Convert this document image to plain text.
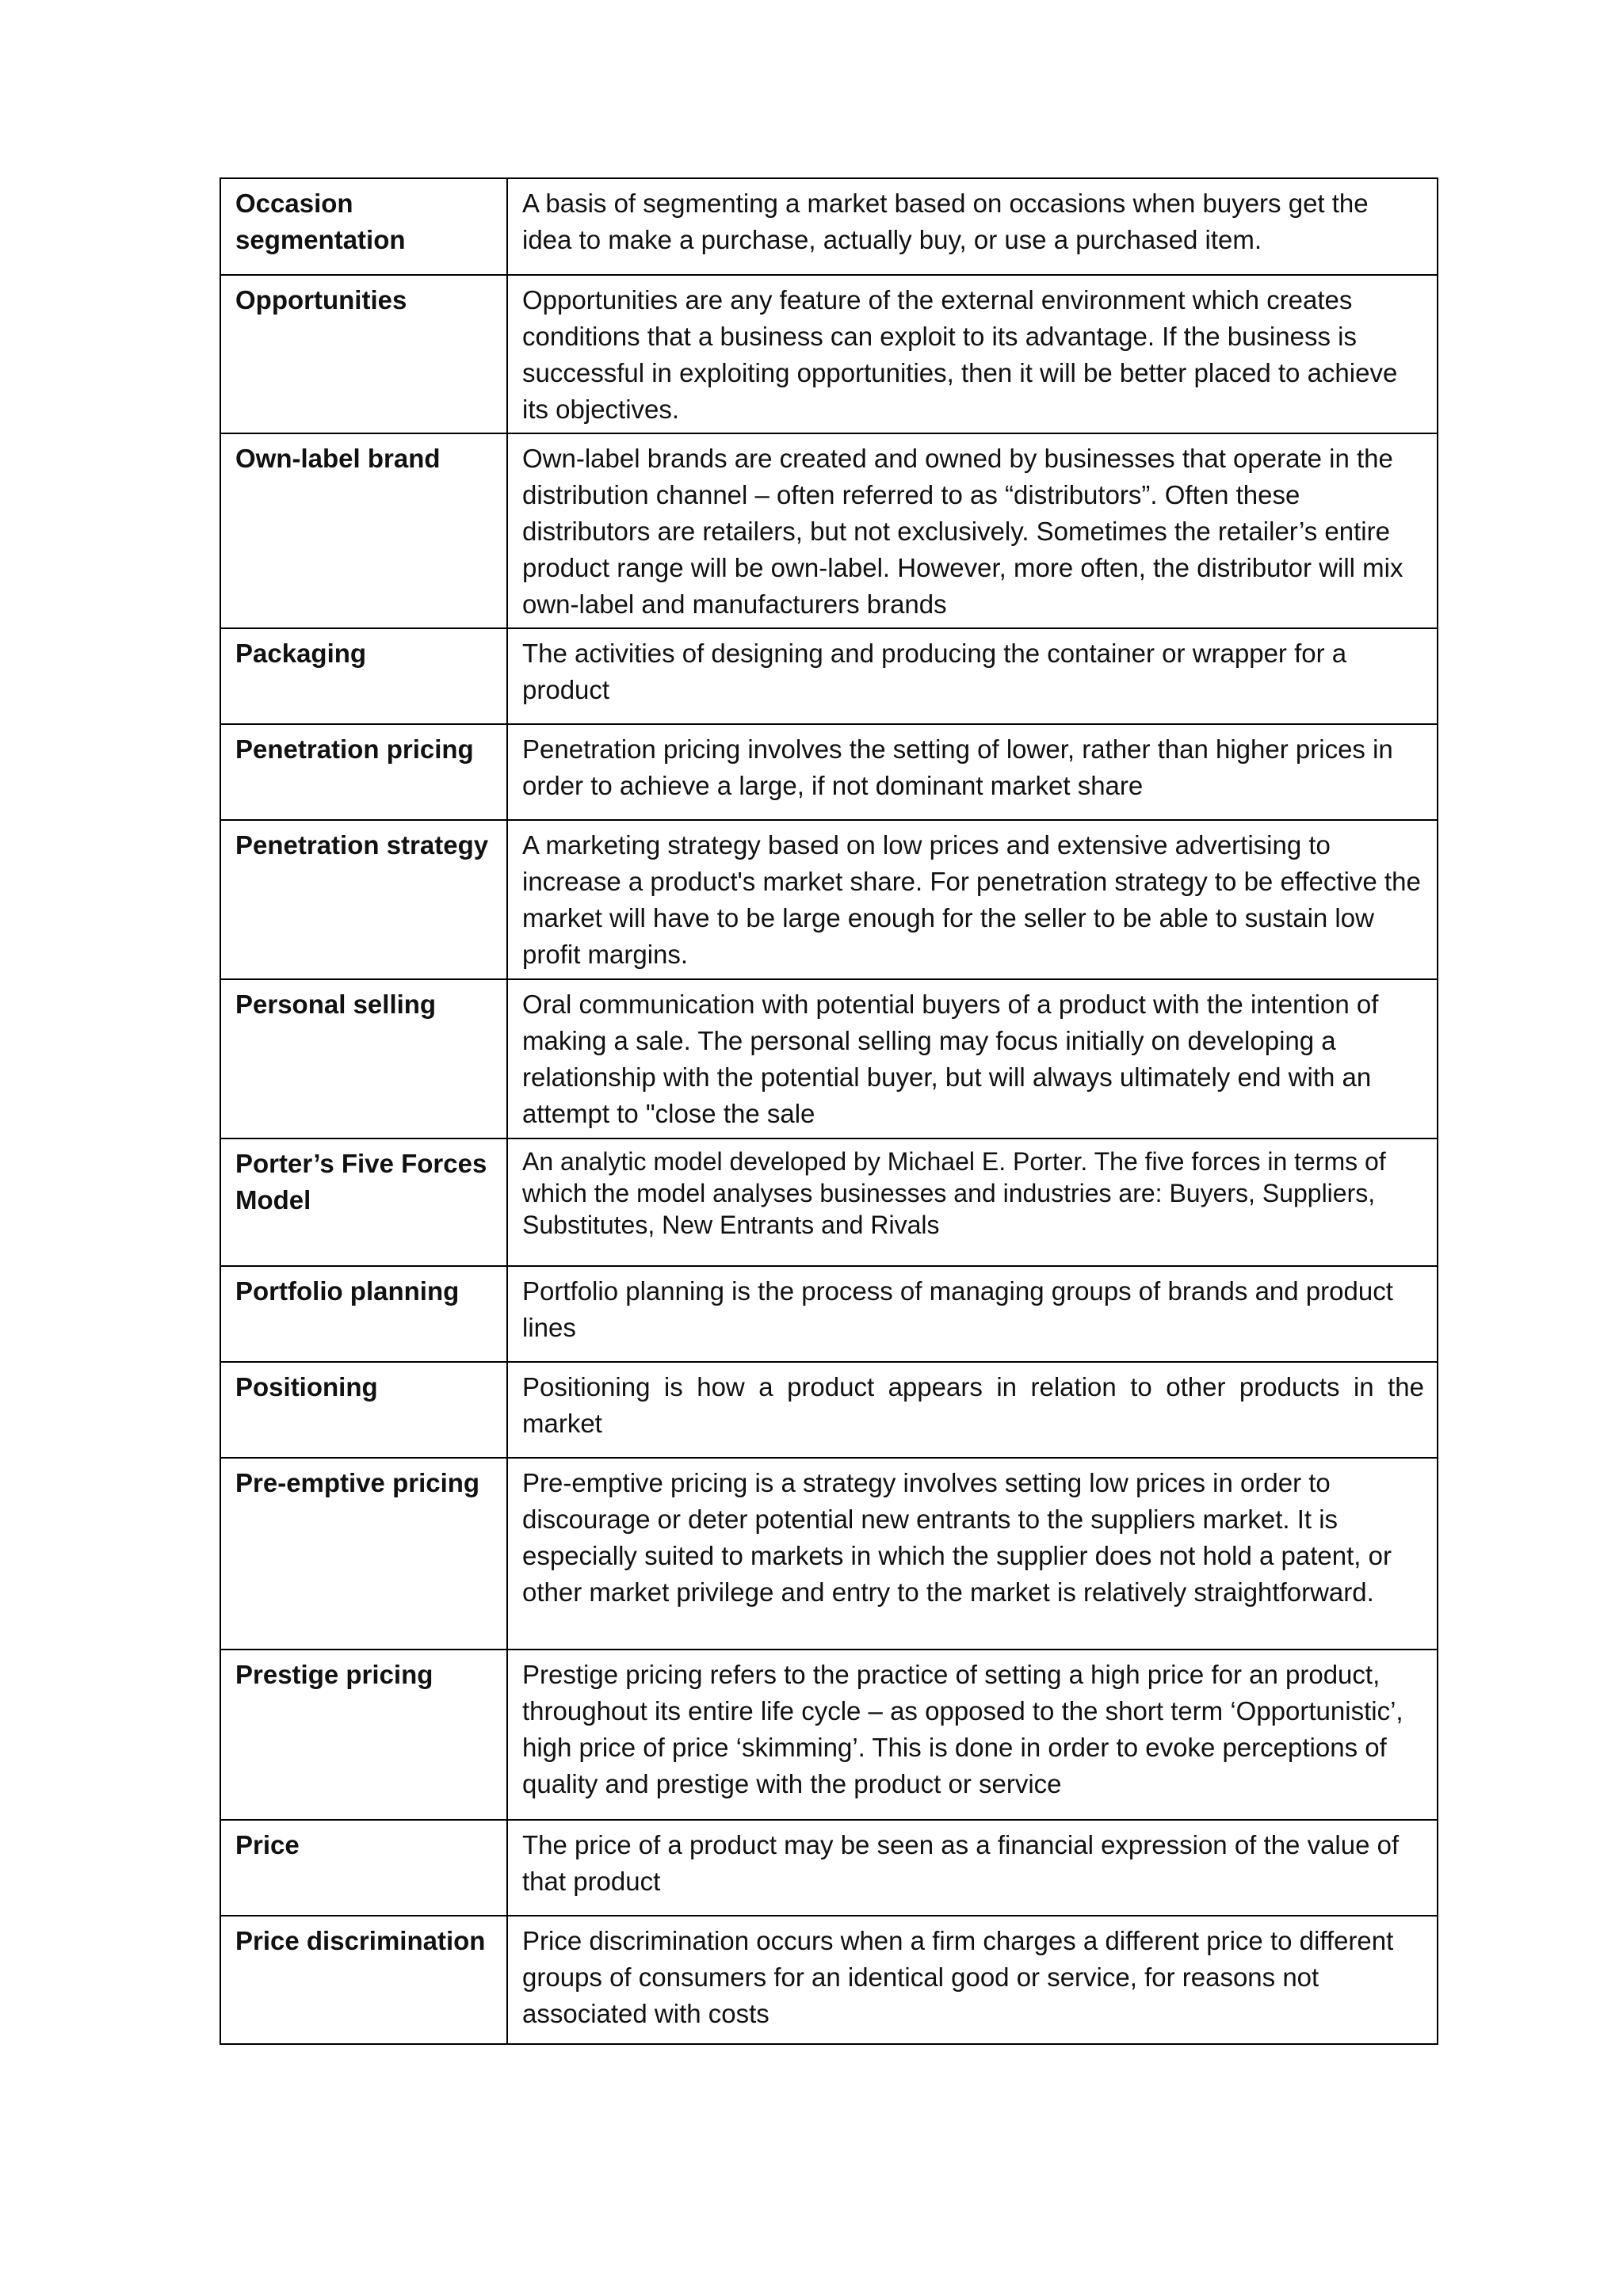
Occasion segmentation	A basis of segmenting a market based on occasions when buyers get the idea to make a purchase, actually buy, or use a purchased item.
Opportunities	Opportunities are any feature of the external environment which creates conditions that a business can exploit to its advantage. If the business is successful in exploiting opportunities, then it will be better placed to achieve its objectives.
Own-label brand	Own-label brands are created and owned by businesses that operate in the distribution channel – often referred to as “distributors”. Often these distributors are retailers, but not exclusively. Sometimes the retailer’s entire product range will be own-label. However, more often, the distributor will mix own-label and manufacturers brands
Packaging	The activities of designing and producing the container or wrapper for a product
Penetration pricing	Penetration pricing involves the setting of lower, rather than higher prices in order to achieve a large, if not dominant market share
Penetration strategy	A marketing strategy based on low prices and extensive advertising to increase a product's market share. For penetration strategy to be effective the market will have to be large enough for the seller to be able to sustain low profit margins.
Personal selling	Oral communication with potential buyers of a product with the intention of making a sale. The personal selling may focus initially on developing a relationship with the potential buyer, but will always ultimately end with an attempt to "close the sale
Porter’s Five Forces Model	An analytic model developed by Michael E. Porter. The five forces in terms of which the model analyses businesses and industries are: Buyers, Suppliers, Substitutes, New Entrants and Rivals
Portfolio planning	Portfolio planning is the process of managing groups of brands and product lines
Positioning	Positioning is how a product appears in relation to other products in the market
Pre-emptive pricing	Pre-emptive pricing is a strategy involves setting low prices in order to discourage or deter potential new entrants to the suppliers market. It is especially suited to markets in which the supplier does not hold a patent, or other market privilege and entry to the market is relatively straightforward.
Prestige pricing	Prestige pricing refers to the practice of setting a high price for an product, throughout its entire life cycle – as opposed to the short term ‘Opportunistic’, high price of price ‘skimming’. This is done in order to evoke perceptions of quality and prestige with the product or service
Price	The price of a product may be seen as a financial expression of the value of that product
Price discrimination	Price discrimination occurs when a firm charges a different price to different groups of consumers for an identical good or service, for reasons not associated with costs
